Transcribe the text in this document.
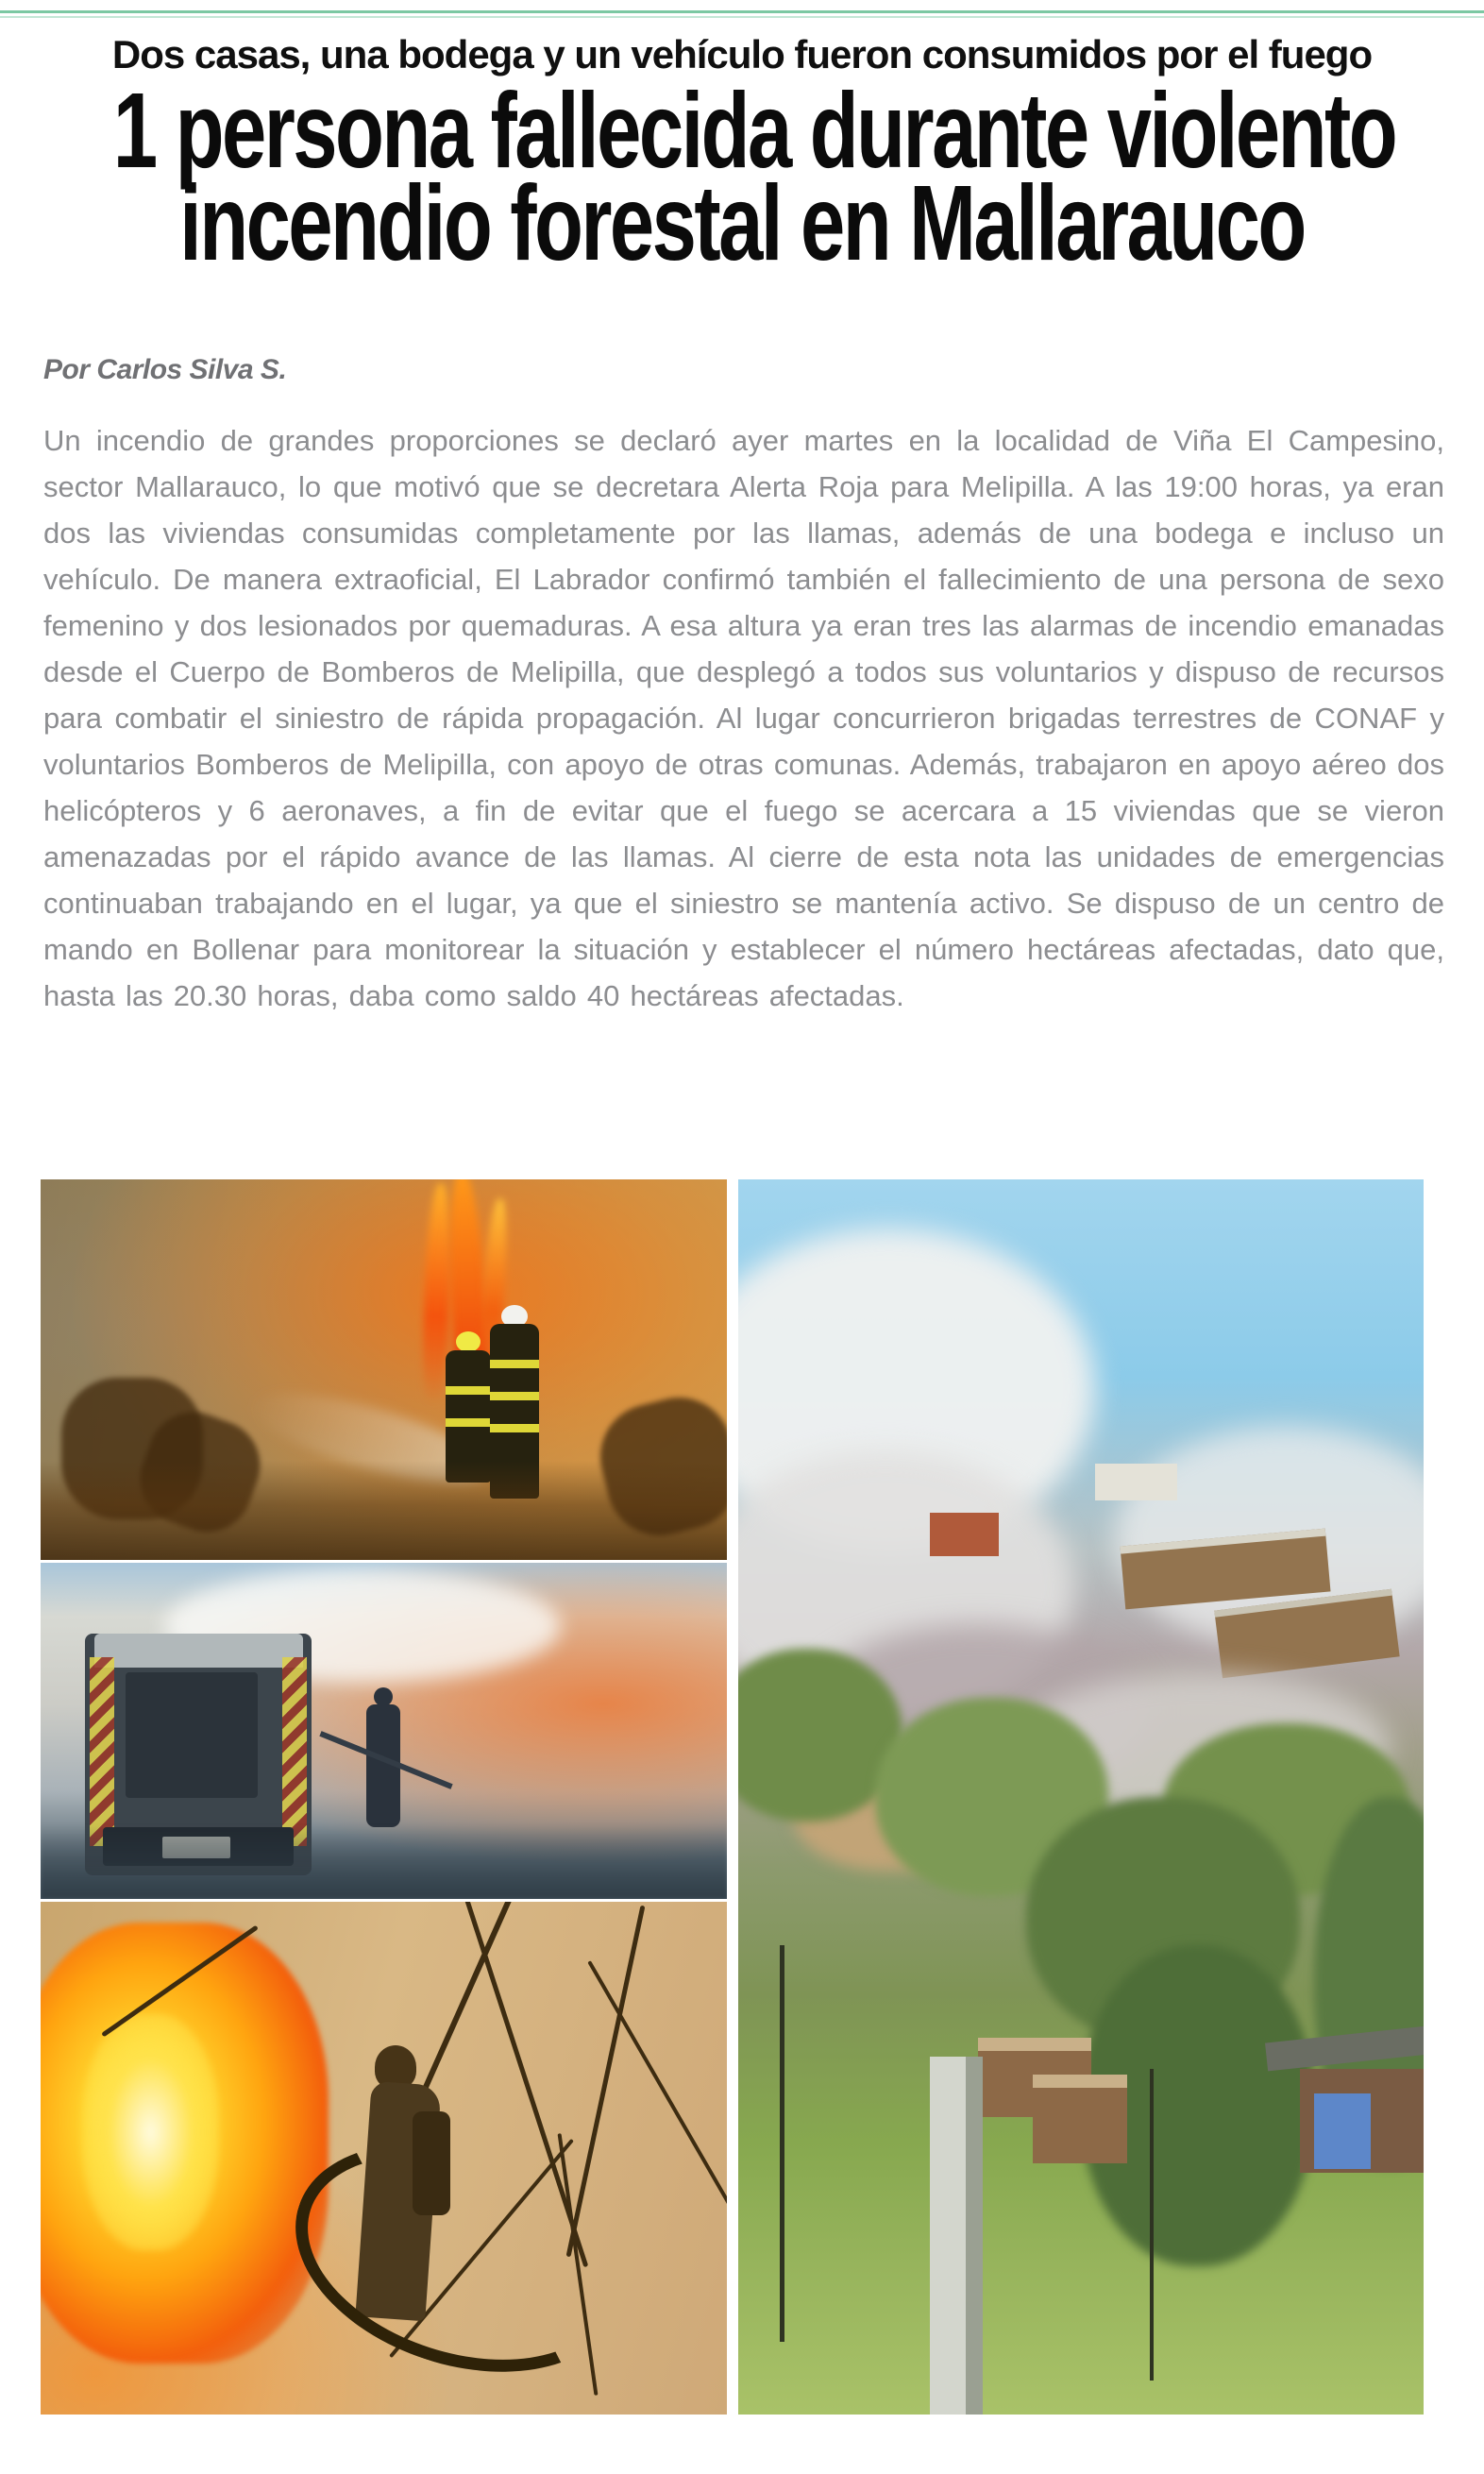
Dos casas, una bodega y un vehículo fueron consumidos por el fuego
1 persona fallecida durante violento
incendio forestal en Mallarauco
Por Carlos Silva S.

Un incendio de grandes proporciones se declaró ayer martes en la localidad de Viña El Campesino, sector Mallarauco, lo que motivó que se decretara Alerta Roja para Melipilla. A las 19:00 horas, ya eran dos las viviendas consumidas completamente por las llamas, además de una bodega e incluso un vehículo. De manera extraoficial, El Labrador confirmó también el fallecimiento de una persona de sexo femenino y dos lesionados por quemaduras. A esa altura ya eran tres las alarmas de incendio emanadas desde el Cuerpo de Bomberos de Melipilla, que desplegó a todos sus voluntarios y dispuso de recursos para combatir el siniestro de rápida propagación. Al lugar concurrieron brigadas terrestres de CONAF y voluntarios Bomberos de Melipilla, con apoyo de otras comunas. Además, trabajaron en apoyo aéreo dos helicópteros y 6 aeronaves, a fin de evitar que el fuego se acercara a 15 viviendas que se vieron amenazadas por el rápido avance de las llamas. Al cierre de esta nota las unidades de emergencias continuaban trabajando en el lugar, ya que el siniestro se mantenía activo. Se dispuso de un centro de mando en Bollenar para monitorear la situación y establecer el número hectáreas afectadas, dato que, hasta las 20.30 horas, daba como saldo 40 hectáreas afectadas.
